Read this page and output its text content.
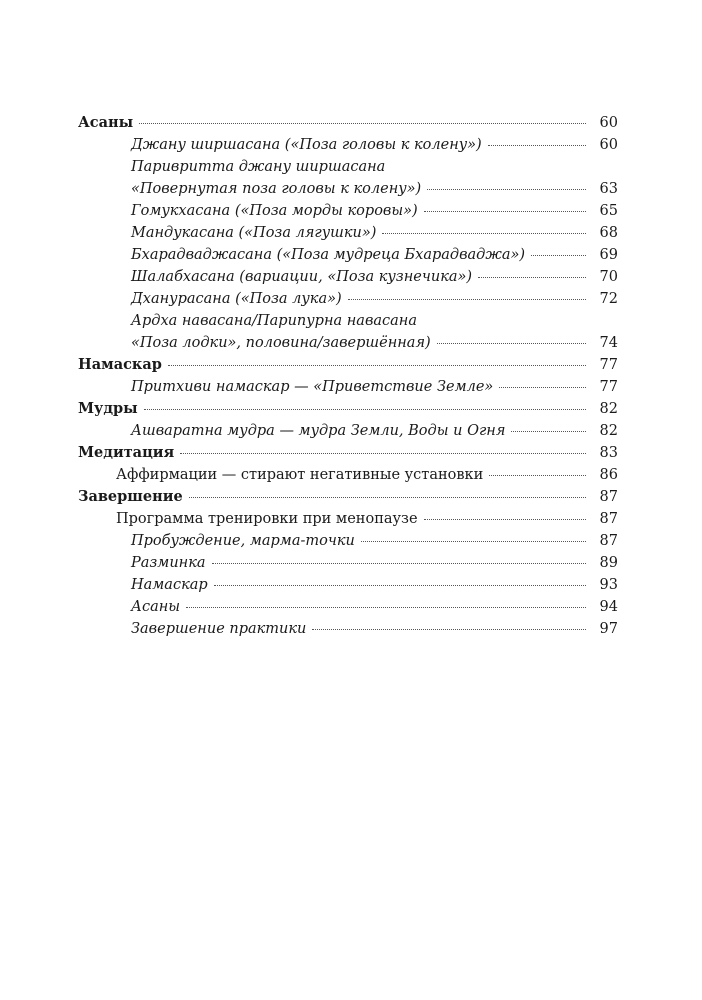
Асаны	60
Джану ширшасана («Поза головы к колену»)	60
Паривритта джану ширшасана
«Повернутая поза головы к колену»)	63
Гомукхасана («Поза морды коровы»)	65
Мандукасана («Поза лягушки»)	68
Бхарадваджасана («Поза мудреца Бхарадваджа»)	69
Шалабхасана (вариации, «Поза кузнечика»)	70
Дханурасана («Поза лука»)	72
Ардха навасана/Парипурна навасана
«Поза лодки», половина/завершённая)	74
Намаскар	77
Притхиви намаскар — «Приветствие Земле»	77
Мудры	82
Ашваратна мудра — мудра Земли, Воды и Огня	82
Медитация	83
Аффирмации — стирают негативные установки	86
Завершение	87
Программа тренировки при менопаузе	87
Пробуждение, марма-точки	87
Разминка	89
Намаскар	93
Асаны	94
Завершение практики	97
